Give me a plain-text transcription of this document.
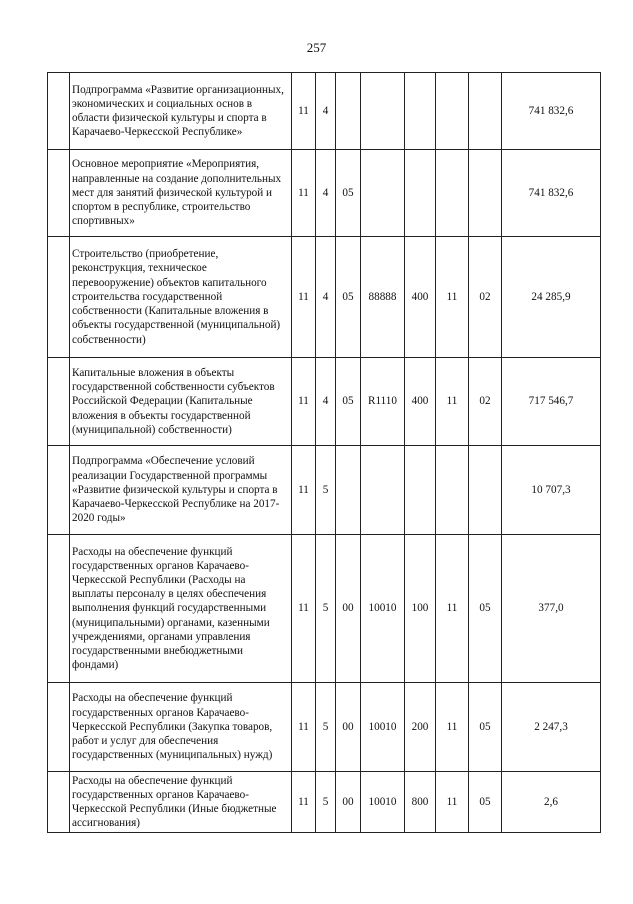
257
	Подпрограмма «Развитие организационных, экономических и социальных основ в области физической культуры и спорта в Карачаево-Черкесской Республике»	11	4						741 832,6
	Основное мероприятие «Мероприятия, направленные на создание дополнительных мест для занятий физической культурой и спортом в республике, строительство спортивных»	11	4	05					741 832,6
	Строительство (приобретение, реконструкция, техническое перевооружение) объектов капитального строительства государственной собственности (Капитальные вложения в объекты государственной (муниципальной) собственности)	11	4	05	88888	400	11	02	24 285,9
	Капитальные вложения в объекты государственной собственности субъектов Российской Федерации (Капитальные вложения в объекты государственной (муниципальной) собственности)	11	4	05	R1110	400	11	02	717 546,7
	Подпрограмма «Обеспечение условий реализации Государственной программы «Развитие физической культуры и спорта в Карачаево-Черкесской Республике на 2017-2020 годы»	11	5						10 707,3
	Расходы на обеспечение функций государственных органов Карачаево-Черкесской Республики (Расходы на выплаты персоналу в целях обеспечения выполнения функций государственными (муниципальными) органами, казенными учреждениями, органами управления государственными внебюджетными фондами)	11	5	00	10010	100	11	05	377,0
	Расходы на обеспечение функций государственных органов Карачаево-Черкесской Республики (Закупка товаров, работ и услуг для обеспечения государственных (муниципальных) нужд)	11	5	00	10010	200	11	05	2 247,3
	Расходы на обеспечение функций государственных органов Карачаево-Черкесской Республики (Иные бюджетные ассигнования)	11	5	00	10010	800	11	05	2,6
